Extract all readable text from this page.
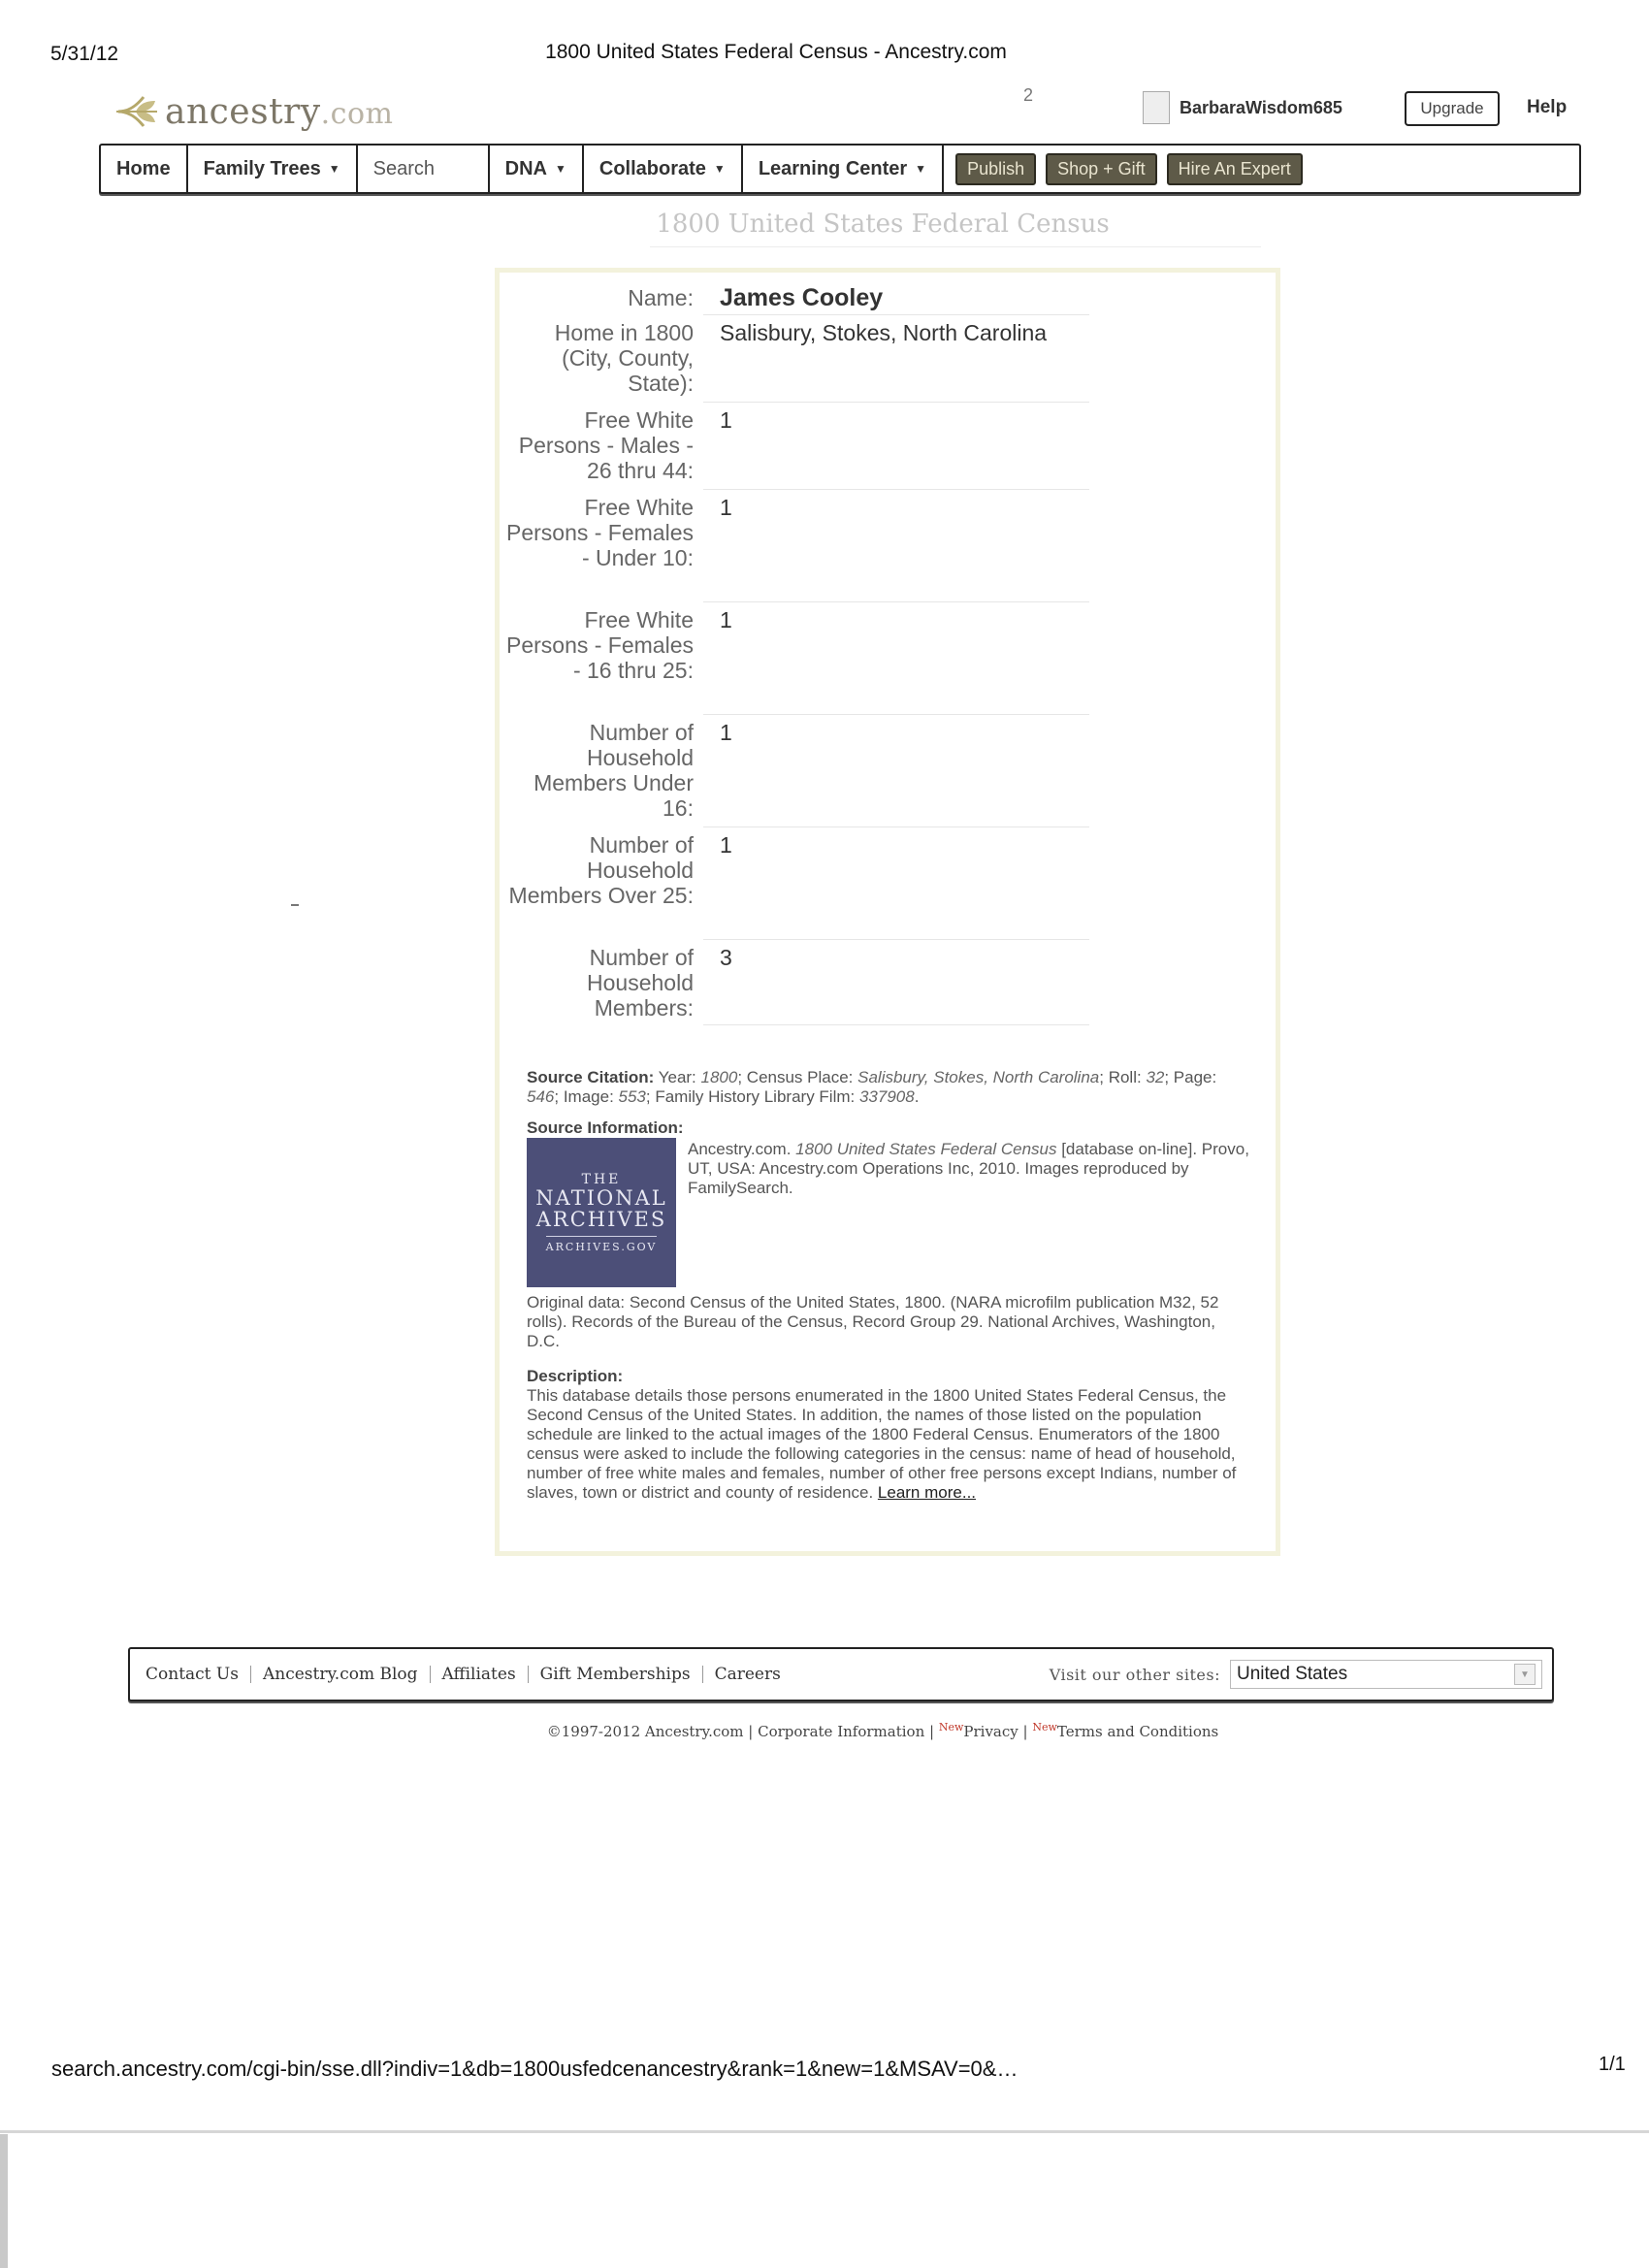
5/31/12	1800 United States Federal Census - Ancestry.com
ancestry.com
2
BarbaraWisdom685	Upgrade	Help
Home Family Trees ▼ Search	DNA ▼ Collaborate ▼ Learning Center ▼	Publish	Shop + Gift	Hire An Expert
1800 United States Federal Census
Name: James Cooley
Home in 1800 (City, County, State):
Salisbury, Stokes, North Carolina
Free White Persons - Males - 26 thru 44:
1
Free White Persons - Females - Under 10:
1
Free White Persons - Females - 16 thru 25:
1
Number of Household Members Under 16:
1
Number of Household Members Over 25:
1
Number of Household Members:
3
Source Citation: Year: 1800; Census Place: Salisbury, Stokes, North Carolina; Roll: 32; Page: 546; Image: 553; Family History Library Film: 337908.
Source Information:
THE
NATIONAL
ARCHIVES
ARCHIVES.GOV
Ancestry.com. 1800 United States Federal Census [database on-line]. Provo, UT, USA: Ancestry.com Operations Inc, 2010. Images reproduced by FamilySearch.
Original data: Second Census of the United States, 1800. (NARA microfilm publication M32, 52 rolls). Records of the Bureau of the Census, Record Group 29. National Archives, Washington, D.C.
Description:
This database details those persons enumerated in the 1800 United States Federal Census, the Second Census of the United States. In addition, the names of those listed on the population schedule are linked to the actual images of the 1800 Federal Census. Enumerators of the 1800 census were asked to include the following categories in the census: name of head of household, number of free white males and females, number of other free persons except Indians, number of slaves, town or district and county of residence. Learn more...
Contact Us	Ancestry.com Blog	Affiliates	Gift Memberships	Careers	Visit our other sites: United States	▼
©1997-2012 Ancestry.com | Corporate Information | $^{New}$Privacy | $^{New}$Terms and Conditions
search.ancestry.com/cgi-bin/sse.dll?indiv=1&db=1800usfedcenancestry&rank=1&new=1&MSAV=0&…	1/1
